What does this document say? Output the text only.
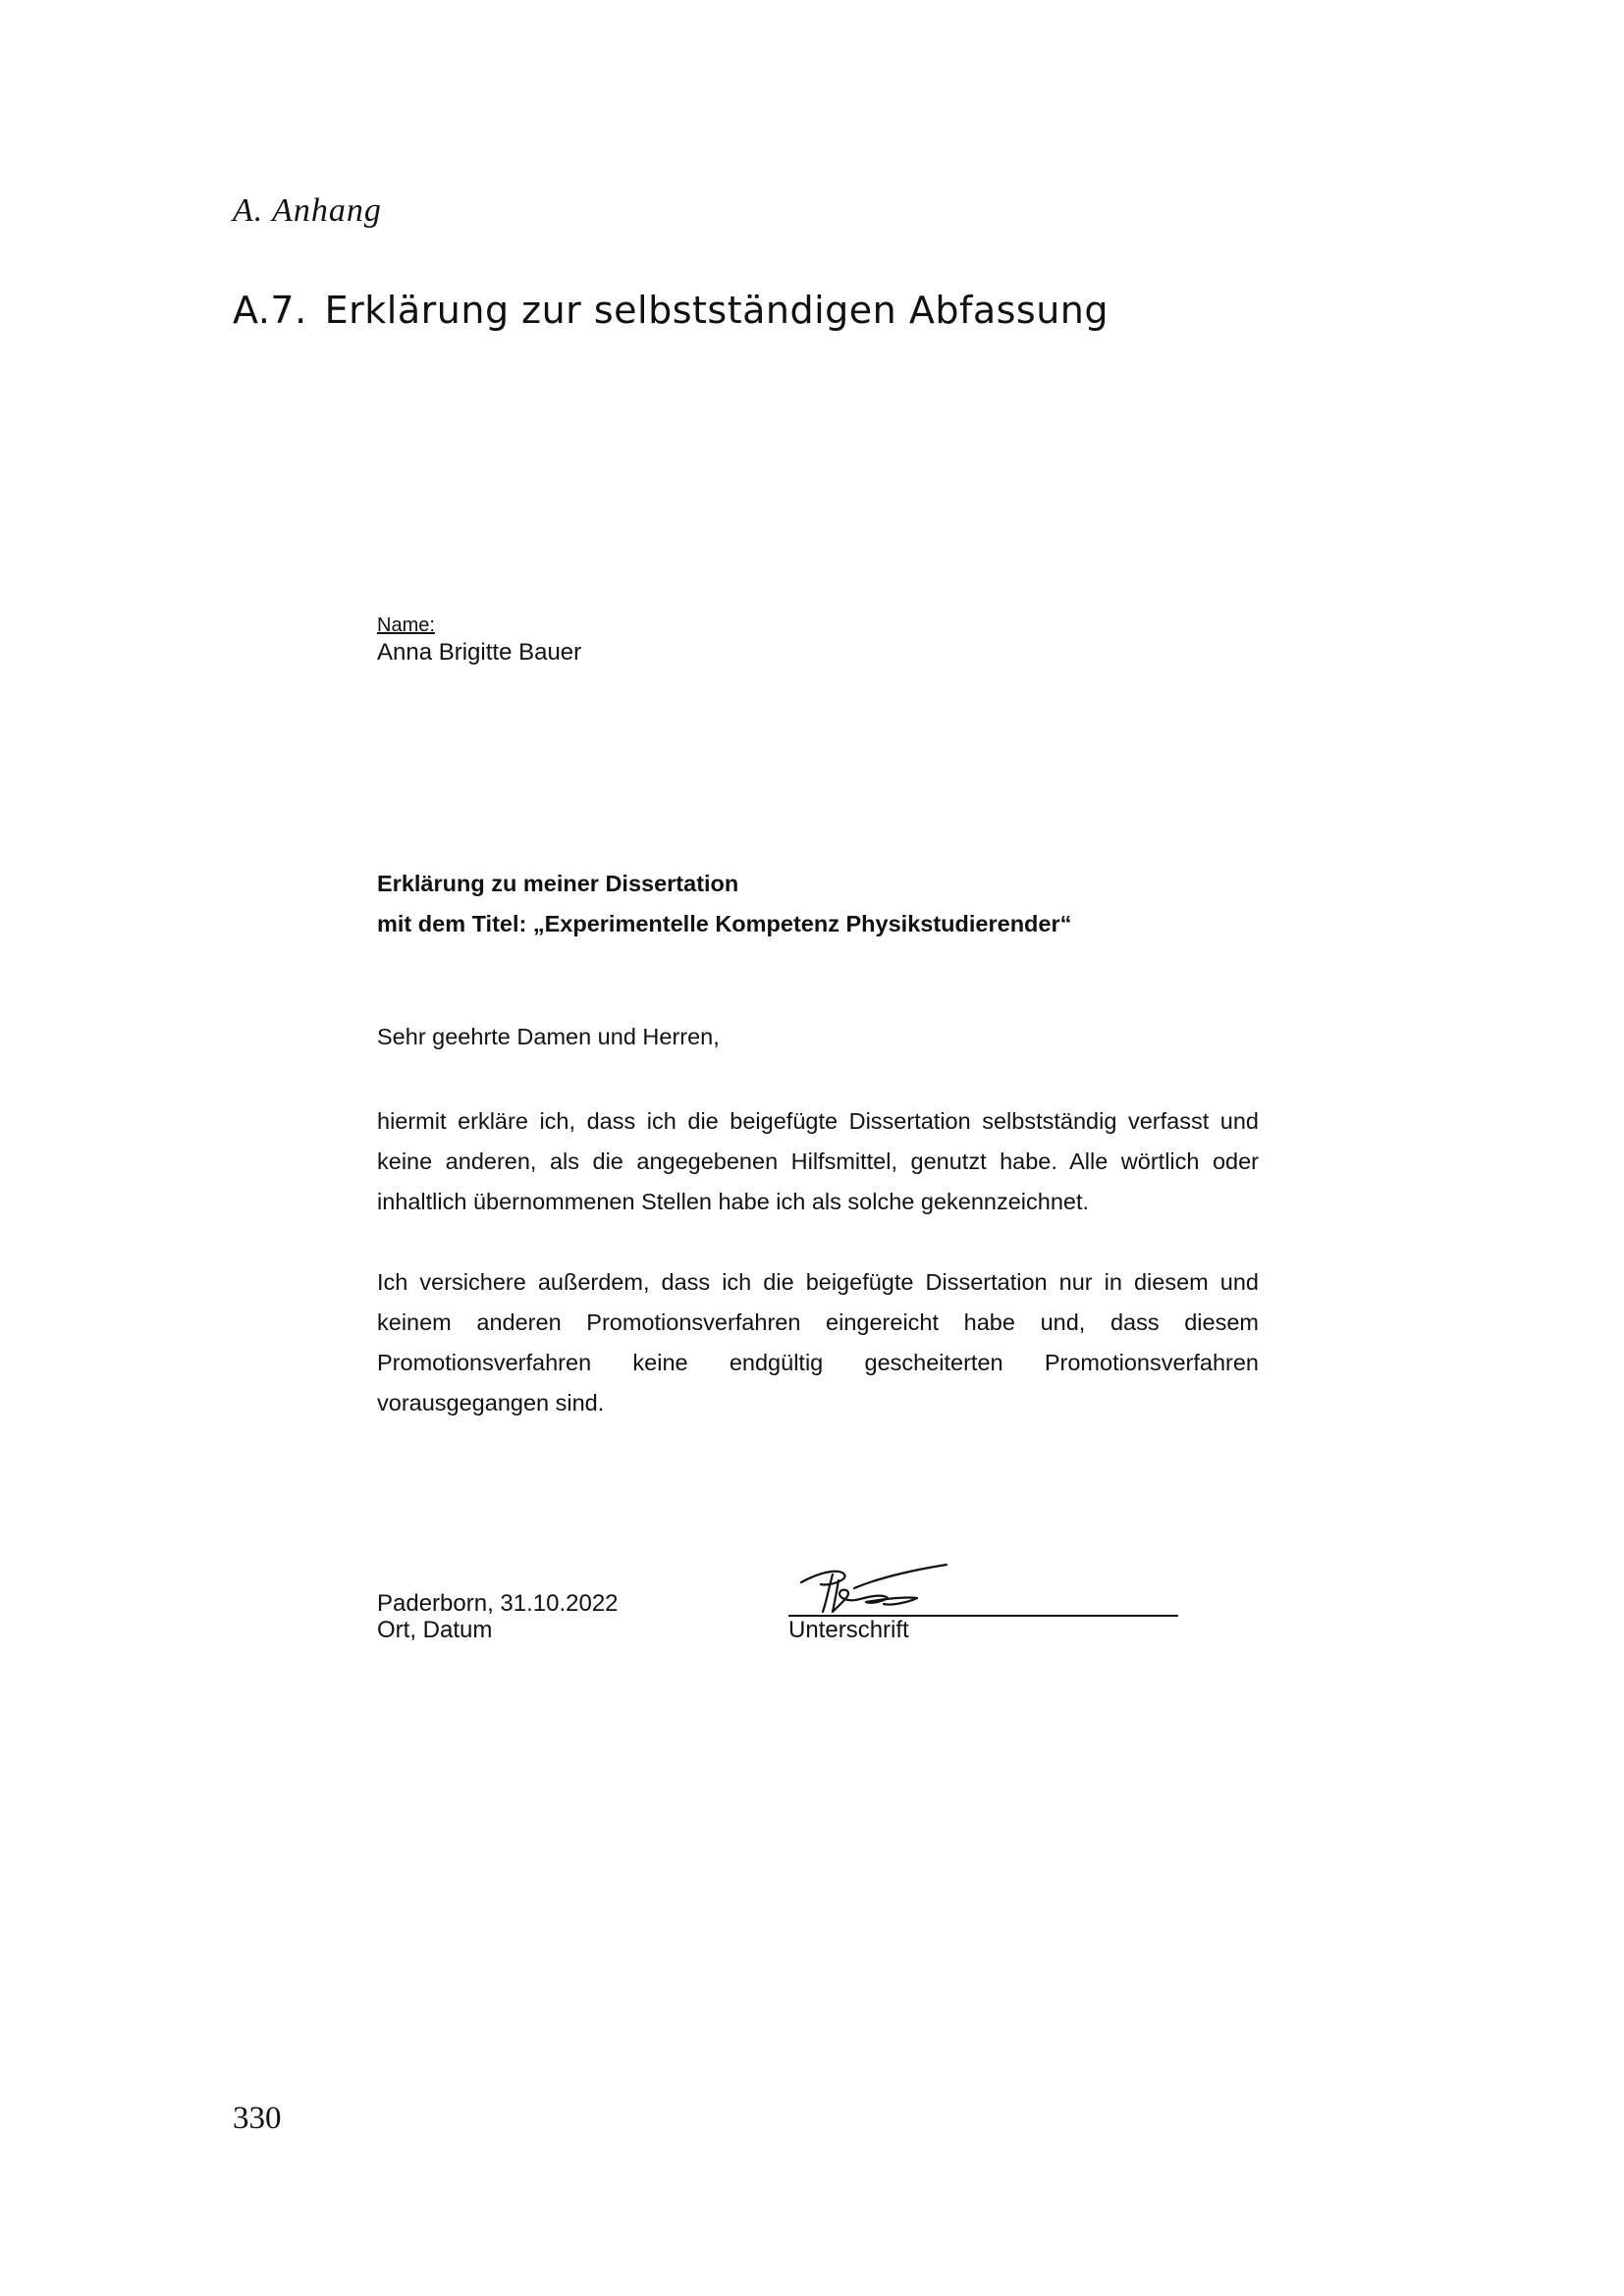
A. Anhang
A.7. Erklärung zur selbstständigen Abfassung
Name:
Anna Brigitte Bauer
Erklärung zu meiner Dissertation
mit dem Titel: „Experimentelle Kompetenz Physikstudierender“
Sehr geehrte Damen und Herren,
hiermit erkläre ich, dass ich die beigefügte Dissertation selbstständig verfasst und keine anderen, als die angegebenen Hilfsmittel, genutzt habe. Alle wörtlich oder inhaltlich übernommenen Stellen habe ich als solche gekennzeichnet.
Ich versichere außerdem, dass ich die beigefügte Dissertation nur in diesem und keinem anderen Promotionsverfahren eingereicht habe und, dass diesem Promotionsverfahren keine endgültig gescheiterten Promotionsverfahren vorausgegangen sind.
Paderborn, 31.10.2022
Ort, Datum	Unterschrift
330
